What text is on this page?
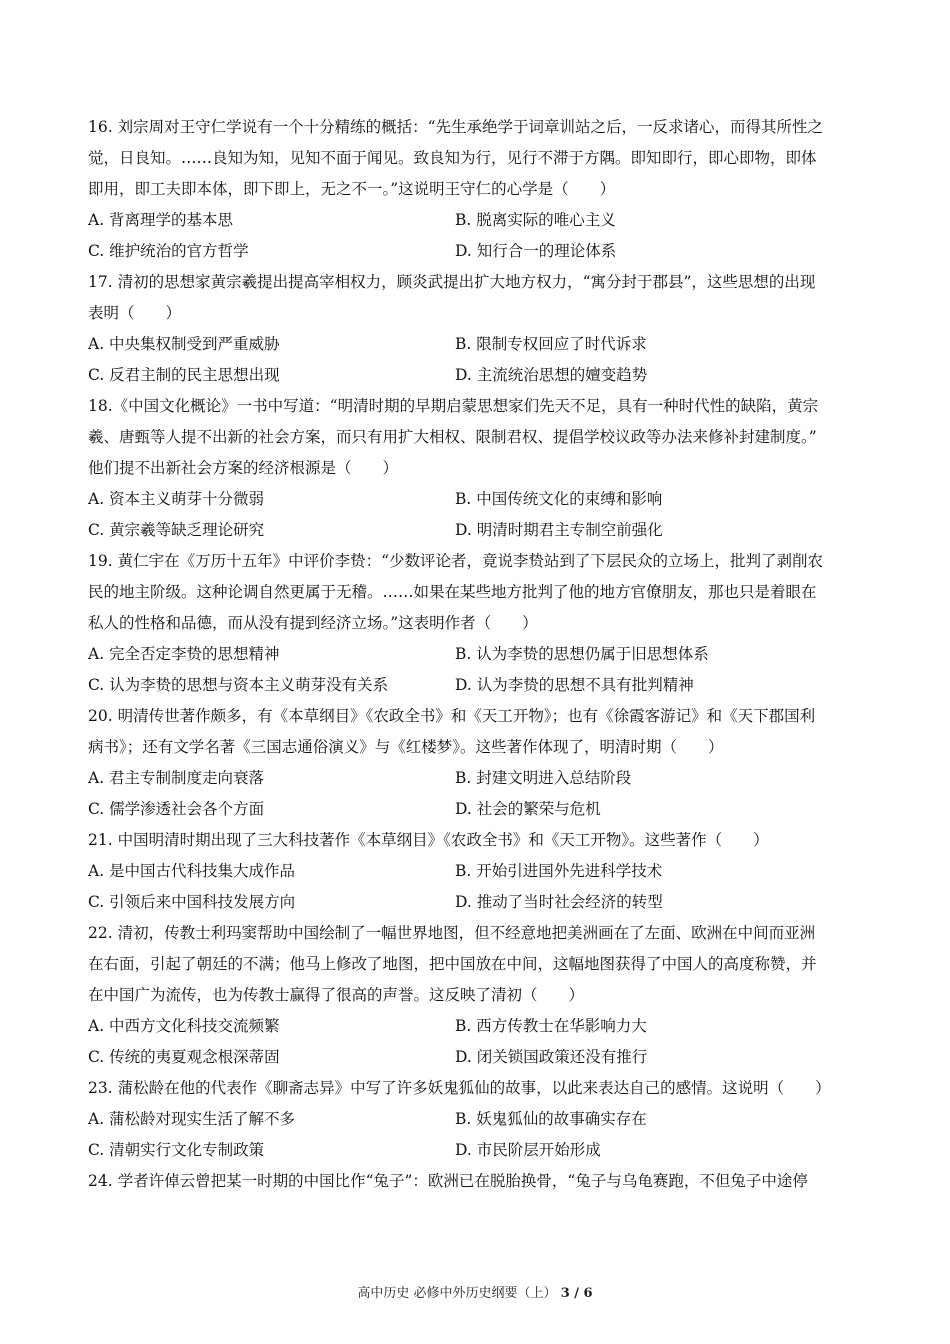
16. 刘宗周对王守仁学说有一个十分精练的概括：“先生承绝学于词章训站之后，一反求诸心，而得其所性之
觉，日良知。……良知为知，见知不面于闻见。致良知为行，见行不滞于方隅。即知即行，即心即物，即体
即用，即工夫即本体，即下即上，无之不一。”这说明王守仁的心学是（　　）
A. 背离理学的基本思	B. 脱离实际的唯心主义
C. 维护统治的官方哲学	D. 知行合一的理论体系
17. 清初的思想家黄宗羲提出提高宰相权力，顾炎武提出扩大地方权力，“寓分封于郡县”，这些思想的出现
表明（　　）
A. 中央集权制受到严重威胁	B. 限制专权回应了时代诉求
C. 反君主制的民主思想出现	D. 主流统治思想的嬗变趋势
18.《中国文化概论》一书中写道：“明清时期的早期启蒙思想家们先天不足，具有一种时代性的缺陷，黄宗
羲、唐甄等人提不出新的社会方案，而只有用扩大相权、限制君权、提倡学校议政等办法来修补封建制度。”
他们提不出新社会方案的经济根源是（　　）
A. 资本主义萌芽十分微弱	B. 中国传统文化的束缚和影响
C. 黄宗羲等缺乏理论研究	D. 明清时期君主专制空前强化
19. 黄仁宇在《万历十五年》中评价李贽：“少数评论者，竟说李贽站到了下层民众的立场上，批判了剥削农
民的地主阶级。这种论调自然更属于无稽。……如果在某些地方批判了他的地方官僚朋友，那也只是着眼在
私人的性格和品德，而从没有提到经济立场。”这表明作者（　　）
A. 完全否定李贽的思想精神	B. 认为李贽的思想仍属于旧思想体系
C. 认为李贽的思想与资本主义萌芽没有关系	D. 认为李贽的思想不具有批判精神
20. 明清传世著作颇多，有《本草纲目》《农政全书》和《天工开物》；也有《徐霞客游记》和《天下郡国利
病书》；还有文学名著《三国志通俗演义》与《红楼梦》。这些著作体现了，明清时期（　　）
A. 君主专制制度走向衰落	B. 封建文明进入总结阶段
C. 儒学渗透社会各个方面	D. 社会的繁荣与危机
21. 中国明清时期出现了三大科技著作《本草纲目》《农政全书》和《天工开物》。这些著作（　　）
A. 是中国古代科技集大成作品	B. 开始引进国外先进科学技术
C. 引领后来中国科技发展方向	D. 推动了当时社会经济的转型
22. 清初，传教士利玛窦帮助中国绘制了一幅世界地图，但不经意地把美洲画在了左面、欧洲在中间而亚洲
在右面，引起了朝廷的不满；他马上修改了地图，把中国放在中间，这幅地图获得了中国人的高度称赞，并
在中国广为流传，也为传教士赢得了很高的声誉。这反映了清初（　　）
A. 中西方文化科技交流频繁	B. 西方传教士在华影响力大
C. 传统的夷夏观念根深蒂固	D. 闭关锁国政策还没有推行
23. 蒲松龄在他的代表作《聊斋志异》中写了许多妖鬼狐仙的故事，以此来表达自己的感情。这说明（　　）
A. 蒲松龄对现实生活了解不多	B. 妖鬼狐仙的故事确实存在
C. 清朝实行文化专制政策	D. 市民阶层开始形成
24. 学者许倬云曾把某一时期的中国比作“兔子”：欧洲已在脱胎换骨，“兔子与乌龟赛跑，不但兔子中途停
高中历史 必修中外历史纲要（上） 3 / 6
